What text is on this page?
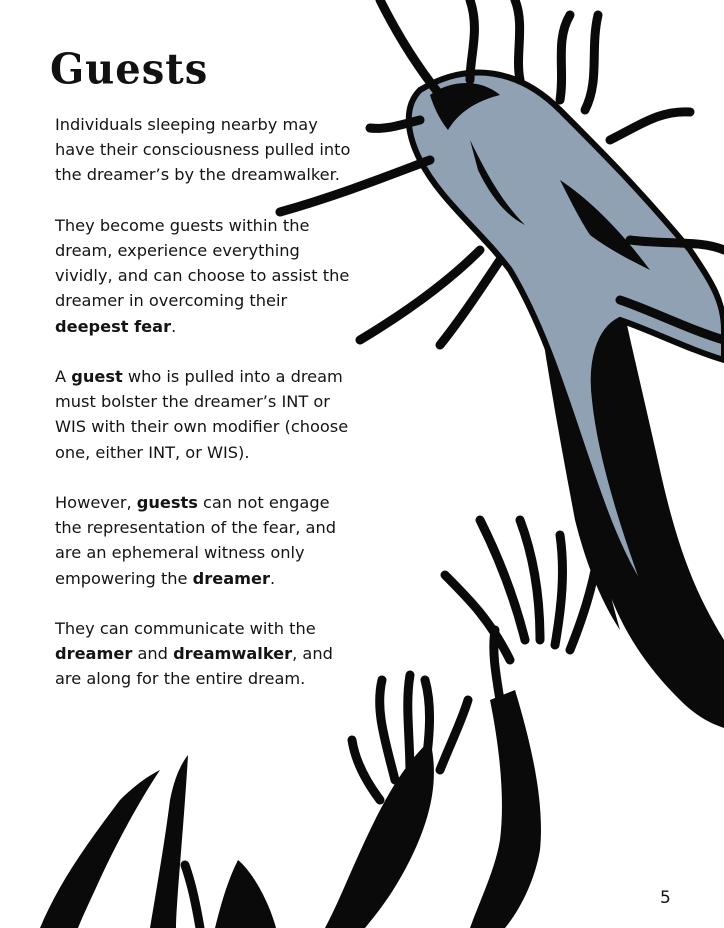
Guests

Individuals sleeping nearby may have their consciousness pulled into the dreamer’s by the dreamwalker.

They become guests within the dream, experience everything vividly, and can choose to assist the dreamer in overcoming their deepest fear.

A guest who is pulled into a dream must bolster the dreamer’s INT or WIS with their own modifier (choose one, either INT, or WIS).

However, guests can not engage the representation of the fear, and are an ephemeral witness only empowering the dreamer.

They can communicate with the dreamer and dreamwalker, and are along for the entire dream.

5
